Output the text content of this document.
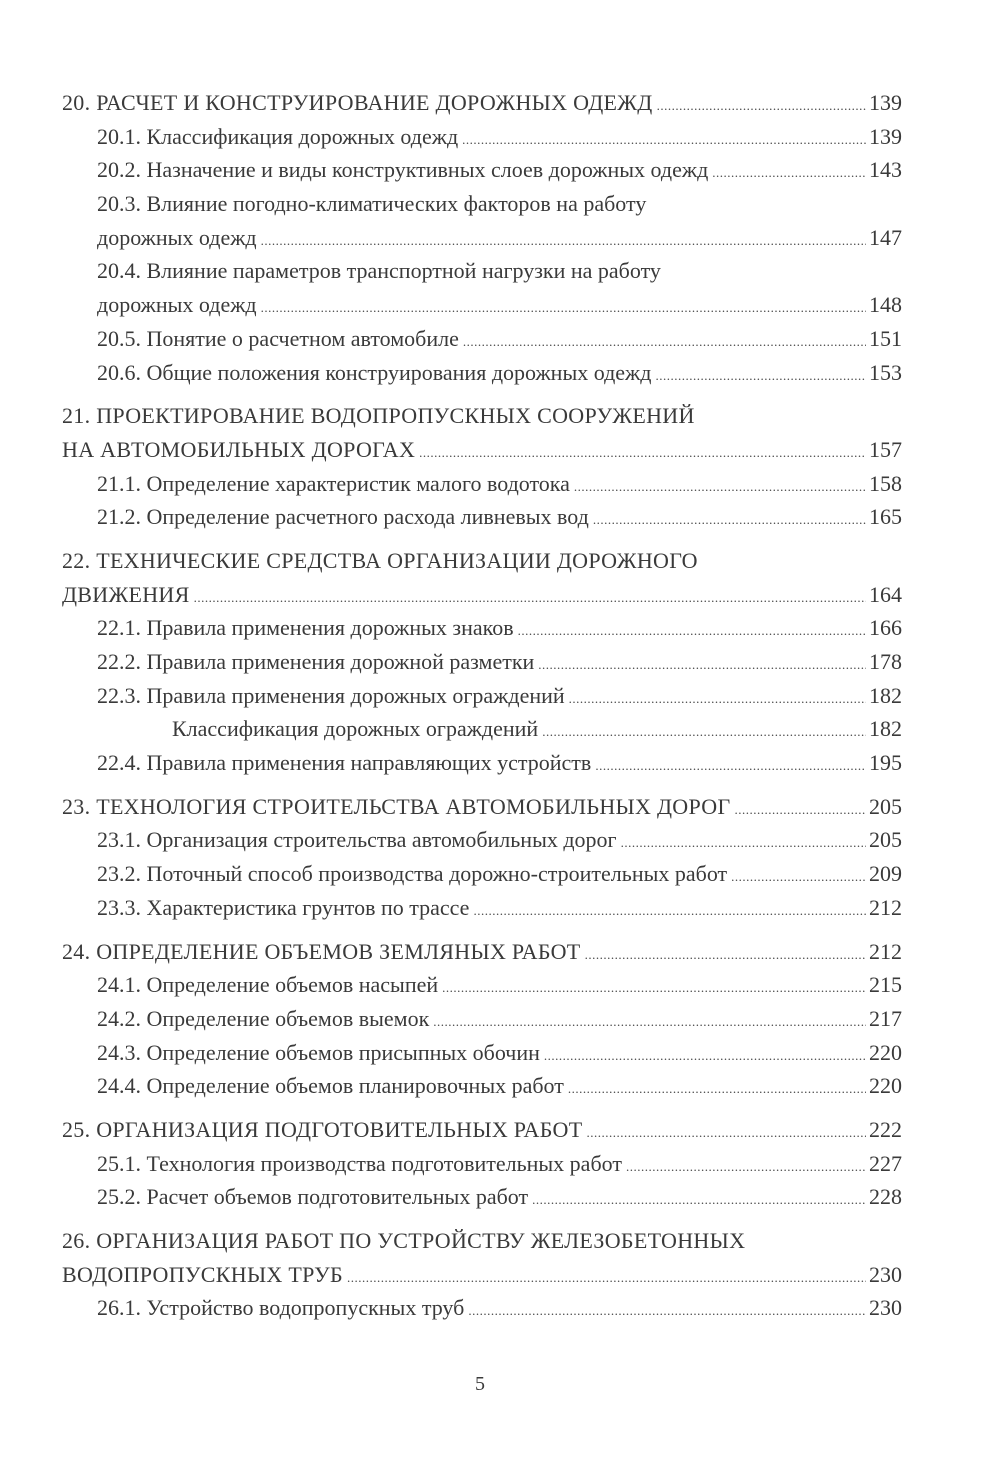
20. РАСЧЕТ И КОНСТРУИРОВАНИЕ ДОРОЖНЫХ ОДЕЖД .....	139
20.1. Классификация дорожных одежд .....	139
20.2. Назначение и виды конструктивных слоев дорожных одежд .....	143
20.3. Влияние погодно-климатических факторов на работу
дорожных одежд .....	147
20.4. Влияние параметров транспортной нагрузки на работу
дорожных одежд .....	148
20.5. Понятие о расчетном автомобиле .....	151
20.6. Общие положения конструирования дорожных одежд .....	153
21. ПРОЕКТИРОВАНИЕ ВОДОПРОПУСКНЫХ СООРУЖЕНИЙ
НА АВТОМОБИЛЬНЫХ ДОРОГАХ .....	157
21.1. Определение характеристик малого водотока .....	158
21.2. Определение расчетного расхода ливневых вод .....	165
22. ТЕХНИЧЕСКИЕ СРЕДСТВА ОРГАНИЗАЦИИ ДОРОЖНОГО
ДВИЖЕНИЯ .....	164
22.1. Правила применения дорожных знаков .....	166
22.2. Правила применения дорожной разметки .....	178
22.3. Правила применения дорожных ограждений .....	182
Классификация дорожных ограждений .....	182
22.4. Правила применения направляющих устройств .....	195
23. ТЕХНОЛОГИЯ СТРОИТЕЛЬСТВА АВТОМОБИЛЬНЫХ ДОРОГ .....	205
23.1. Организация строительства автомобильных дорог .....	205
23.2. Поточный способ производства дорожно-строительных работ .....	209
23.3. Характеристика грунтов по трассе .....	212
24. ОПРЕДЕЛЕНИЕ ОБЪЕМОВ ЗЕМЛЯНЫХ РАБОТ .....	212
24.1. Определение объемов насыпей .....	215
24.2. Определение объемов выемок .....	217
24.3. Определение объемов присыпных обочин .....	220
24.4. Определение объемов планировочных работ .....	220
25. ОРГАНИЗАЦИЯ ПОДГОТОВИТЕЛЬНЫХ РАБОТ .....	222
25.1. Технология производства подготовительных работ .....	227
25.2. Расчет объемов подготовительных работ .....	228
26. ОРГАНИЗАЦИЯ РАБОТ ПО УСТРОЙСТВУ ЖЕЛЕЗОБЕТОННЫХ
ВОДОПРОПУСКНЫХ ТРУБ .....	230
26.1. Устройство водопропускных труб .....	230
5
